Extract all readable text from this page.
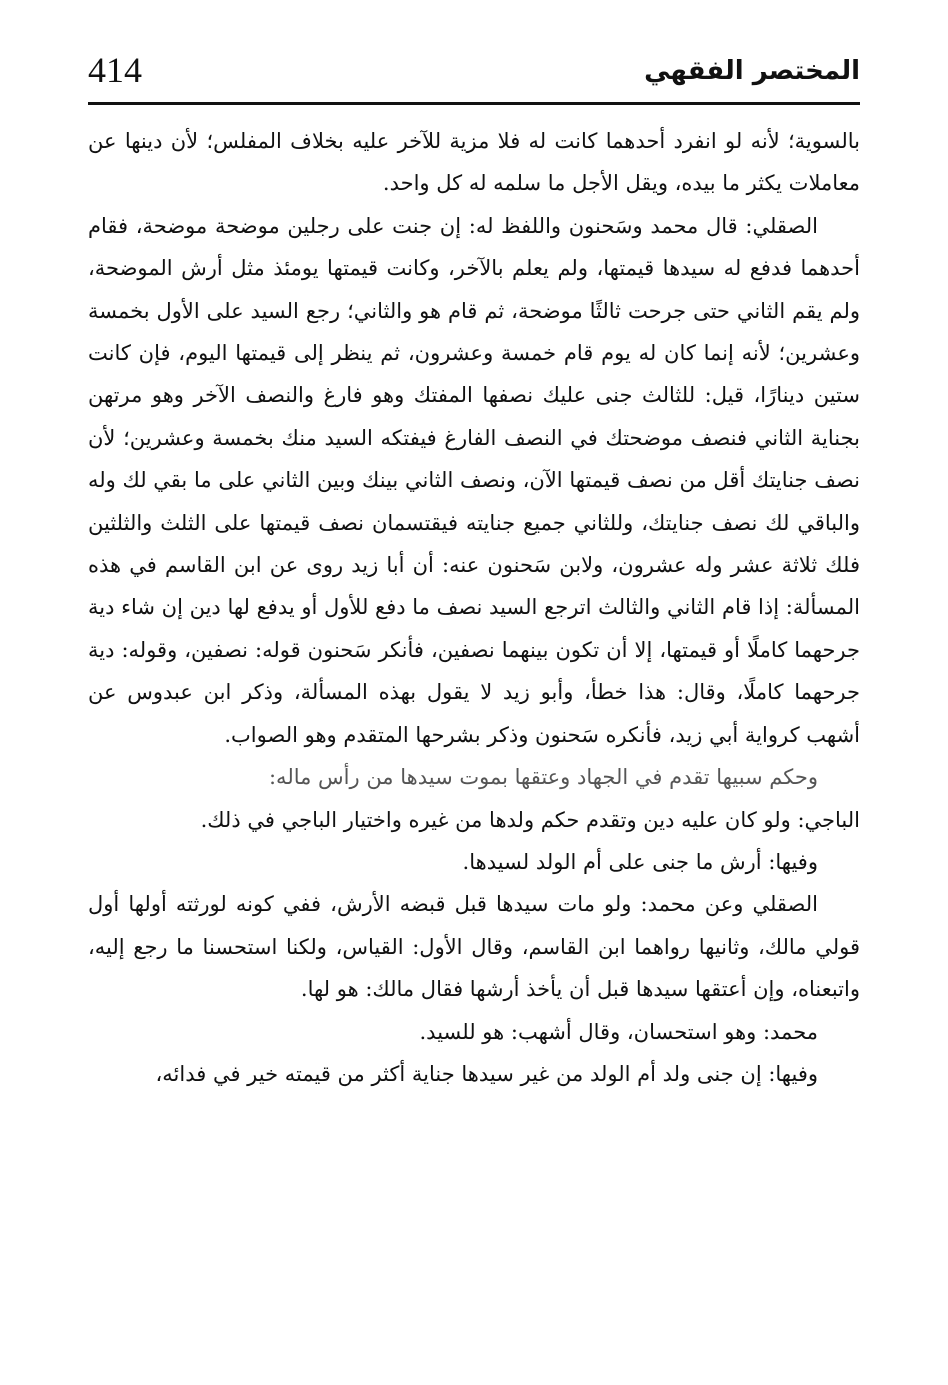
414	المختصر الفقهي

بالسوية؛ لأنه لو انفرد أحدهما كانت له فلا مزية للآخر عليه بخلاف المفلس؛ لأن دينها عن معاملات يكثر ما بيده، ويقل الأجل ما سلمه له كل واحد.

الصقلي: قال محمد وسَحنون واللفظ له: إن جنت على رجلين موضحة موضحة، فقام أحدهما فدفع له سيدها قيمتها، ولم يعلم بالآخر، وكانت قيمتها يومئذ مثل أرش الموضحة، ولم يقم الثاني حتى جرحت ثالثًا موضحة، ثم قام هو والثاني؛ رجع السيد على الأول بخمسة وعشرين؛ لأنه إنما كان له يوم قام خمسة وعشرون، ثم ينظر إلى قيمتها اليوم، فإن كانت ستين دينارًا، قيل: للثالث جنى عليك نصفها المفتك وهو فارغ والنصف الآخر وهو مرتهن بجناية الثاني فنصف موضحتك في النصف الفارغ فيفتكه السيد منك بخمسة وعشرين؛ لأن نصف جنايتك أقل من نصف قيمتها الآن، ونصف الثاني بينك وبين الثاني على ما بقي لك وله والباقي لك نصف جنايتك، وللثاني جميع جنايته فيقتسمان نصف قيمتها على الثلث والثلثين فلك ثلاثة عشر وله عشرون، ولابن سَحنون عنه: أن أبا زيد روى عن ابن القاسم في هذه المسألة: إذا قام الثاني والثالث اترجع السيد نصف ما دفع للأول أو يدفع لها دين إن شاء دية جرحهما كاملًا أو قيمتها، إلا أن تكون بينهما نصفين، فأنكر سَحنون قوله: نصفين، وقوله: دية جرحهما كاملًا، وقال: هذا خطأ، وأبو زيد لا يقول بهذه المسألة، وذكر ابن عبدوس عن أشهب كرواية أبي زيد، فأنكره سَحنون وذكر بشرحها المتقدم وهو الصواب.

وحكم سبيها تقدم في الجهاد وعتقها بموت سيدها من رأس ماله:

الباجي: ولو كان عليه دين وتقدم حكم ولدها من غيره واختيار الباجي في ذلك.

وفيها: أرش ما جنى على أم الولد لسيدها.

الصقلي وعن محمد: ولو مات سيدها قبل قبضه الأرش، ففي كونه لورثته أولها أول قولي مالك، وثانيها رواهما ابن القاسم، وقال الأول: القياس، ولكنا استحسنا ما رجع إليه، واتبعناه، وإن أعتقها سيدها قبل أن يأخذ أرشها فقال مالك: هو لها.

محمد: وهو استحسان، وقال أشهب: هو للسيد.

وفيها: إن جنى ولد أم الولد من غير سيدها جناية أكثر من قيمته خير في فدائه،
